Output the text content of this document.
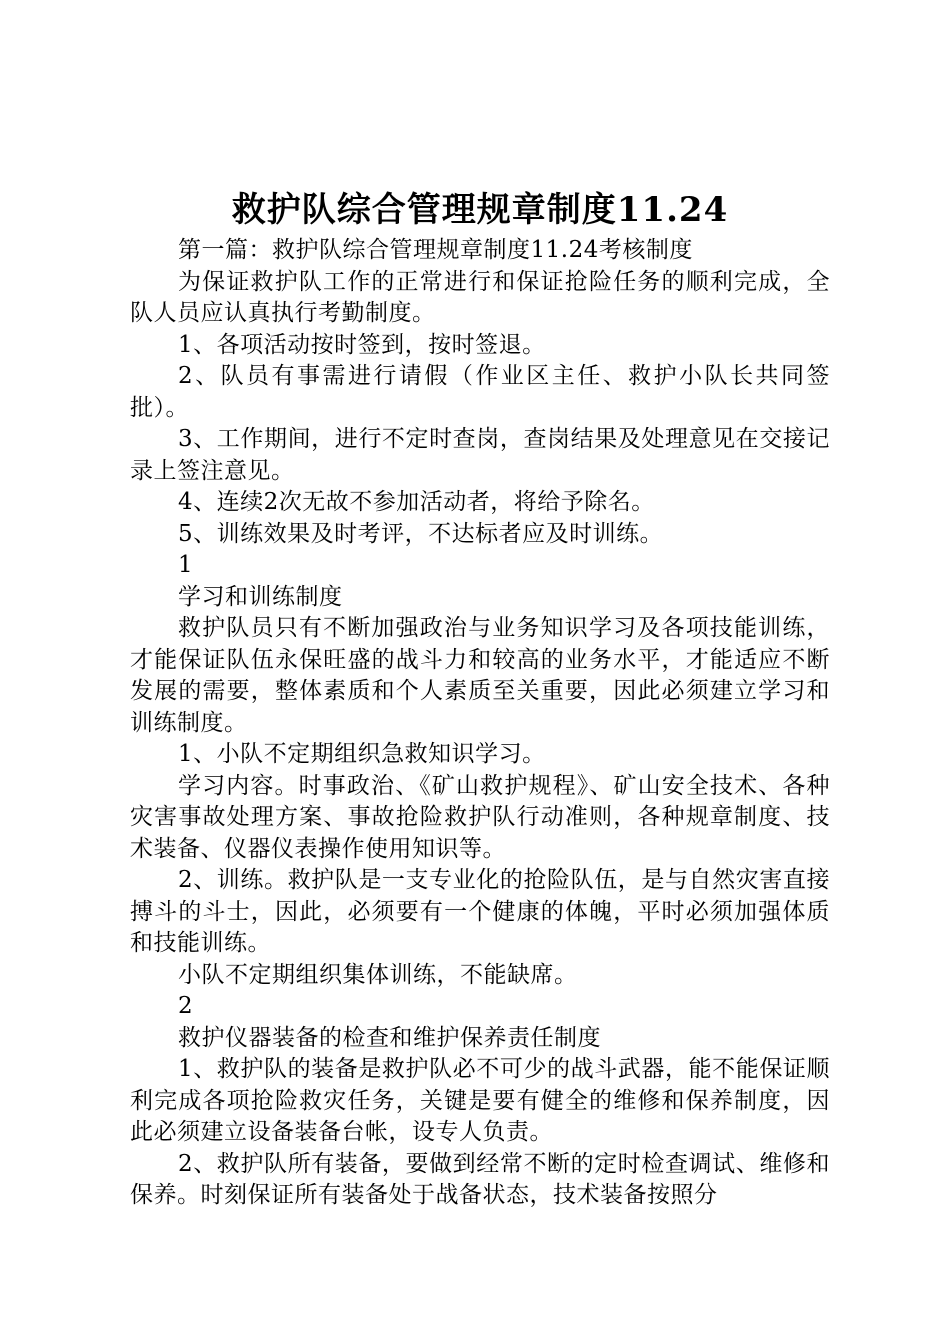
救护队综合管理规章制度11.24

第一篇：救护队综合管理规章制度11.24考核制度

为保证救护队工作的正常进行和保证抢险任务的顺利完成，全队人员应认真执行考勤制度。

1、各项活动按时签到，按时签退。

2、队员有事需进行请假（作业区主任、救护小队长共同签批）。

3、工作期间，进行不定时查岗，查岗结果及处理意见在交接记录上签注意见。

4、连续2次无故不参加活动者，将给予除名。

5、训练效果及时考评，不达标者应及时训练。

1

学习和训练制度

救护队员只有不断加强政治与业务知识学习及各项技能训练，才能保证队伍永保旺盛的战斗力和较高的业务水平，才能适应不断发展的需要，整体素质和个人素质至关重要，因此必须建立学习和训练制度。

1、小队不定期组织急救知识学习。

学习内容。时事政治、《矿山救护规程》、矿山安全技术、各种灾害事故处理方案、事故抢险救护队行动准则，各种规章制度、技术装备、仪器仪表操作使用知识等。

2、训练。救护队是一支专业化的抢险队伍，是与自然灾害直接搏斗的斗士，因此，必须要有一个健康的体魄，平时必须加强体质和技能训练。

小队不定期组织集体训练，不能缺席。

2

救护仪器装备的检查和维护保养责任制度

1、救护队的装备是救护队必不可少的战斗武器，能不能保证顺利完成各项抢险救灾任务，关键是要有健全的维修和保养制度，因此必须建立设备装备台帐，设专人负责。

2、救护队所有装备，要做到经常不断的定时检查调试、维修和保养。时刻保证所有装备处于战备状态，技术装备按照分
